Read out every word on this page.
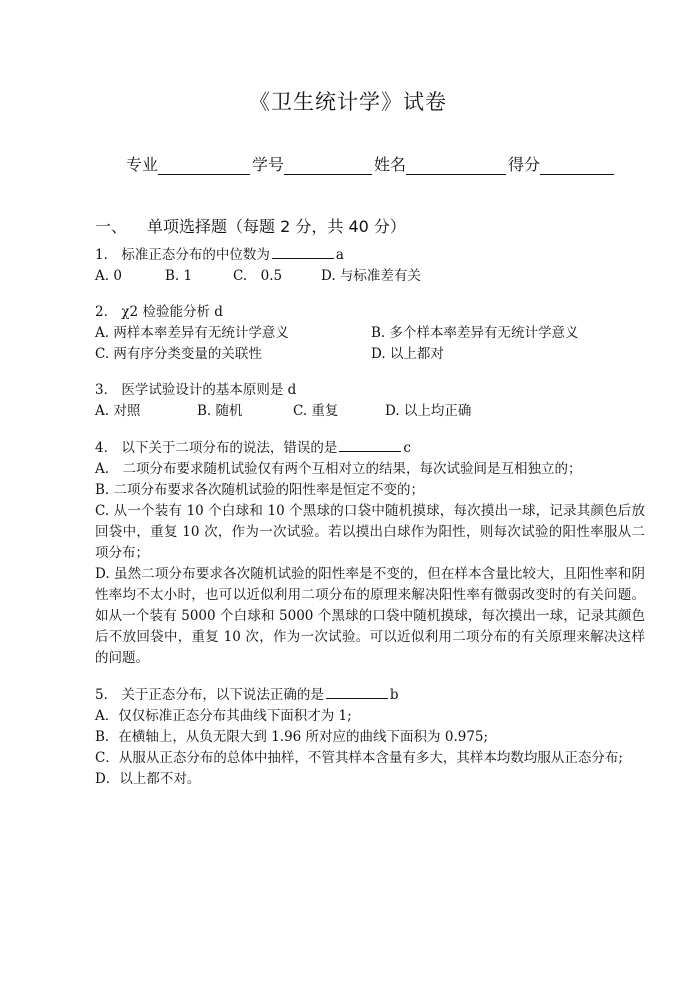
《卫生统计学》试卷
专业	学号	姓名	得分
一、 单项选择题（每题 2 分，共 40 分）
1． 标准正态分布的中位数为	a
A. 0	B. 1	C.　0.5	D. 与标准差有关
2． χ2 检验能分析 d
A. 两样本率差异有无统计学意义	B. 多个样本率差异有无统计学意义
C. 两有序分类变量的关联性	D. 以上都对
3． 医学试验设计的基本原则是 d
A. 对照	B. 随机	C. 重复	D. 以上均正确
4． 以下关于二项分布的说法，错误的是	c
A.　二项分布要求随机试验仅有两个互相对立的结果，每次试验间是互相独立的；
B. 二项分布要求各次随机试验的阳性率是恒定不变的；
C. 从一个装有 10 个白球和 10 个黑球的口袋中随机摸球，每次摸出一球，记录其颜色后放回袋中，重复 10 次，作为一次试验。若以摸出白球作为阳性，则每次试验的阳性率服从二项分布；
D. 虽然二项分布要求各次随机试验的阳性率是不变的，但在样本含量比较大，且阳性率和阴性率均不太小时，也可以近似利用二项分布的原理来解决阳性率有微弱改变时的有关问题。如从一个装有 5000 个白球和 5000 个黑球的口袋中随机摸球，每次摸出一球，记录其颜色后不放回袋中，重复 10 次，作为一次试验。可以近似利用二项分布的有关原理来解决这样的问题。
5． 关于正态分布，以下说法正确的是	b
A．仅仅标准正态分布其曲线下面积才为 1;
B．在横轴上，从负无限大到 1.96 所对应的曲线下面积为 0.975;
C．从服从正态分布的总体中抽样，不管其样本含量有多大，其样本均数均服从正态分布;
D．以上都不对。
